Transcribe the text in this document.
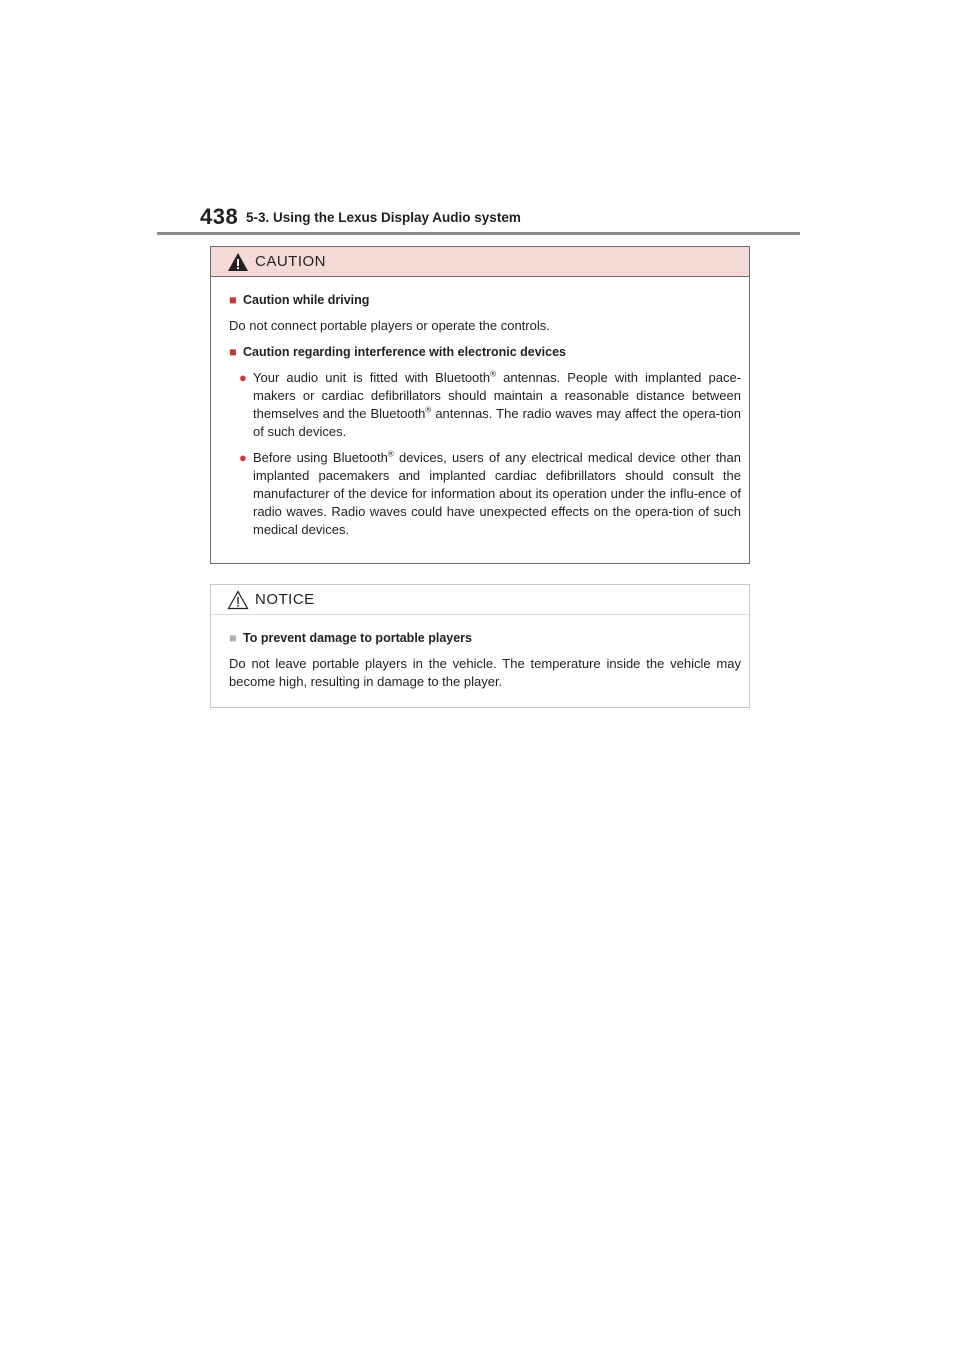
438 5-3. Using the Lexus Display Audio system
CAUTION
■ Caution while driving

Do not connect portable players or operate the controls.

■ Caution regarding interference with electronic devices
● Your audio unit is fitted with Bluetooth® antennas. People with implanted pace-makers or cardiac defibrillators should maintain a reasonable distance between themselves and the Bluetooth® antennas. The radio waves may affect the opera-tion of such devices.
● Before using Bluetooth® devices, users of any electrical medical device other than implanted pacemakers and implanted cardiac defibrillators should consult the manufacturer of the device for information about its operation under the influ-ence of radio waves. Radio waves could have unexpected effects on the opera-tion of such medical devices.
NOTICE
■ To prevent damage to portable players

Do not leave portable players in the vehicle. The temperature inside the vehicle may become high, resulting in damage to the player.
